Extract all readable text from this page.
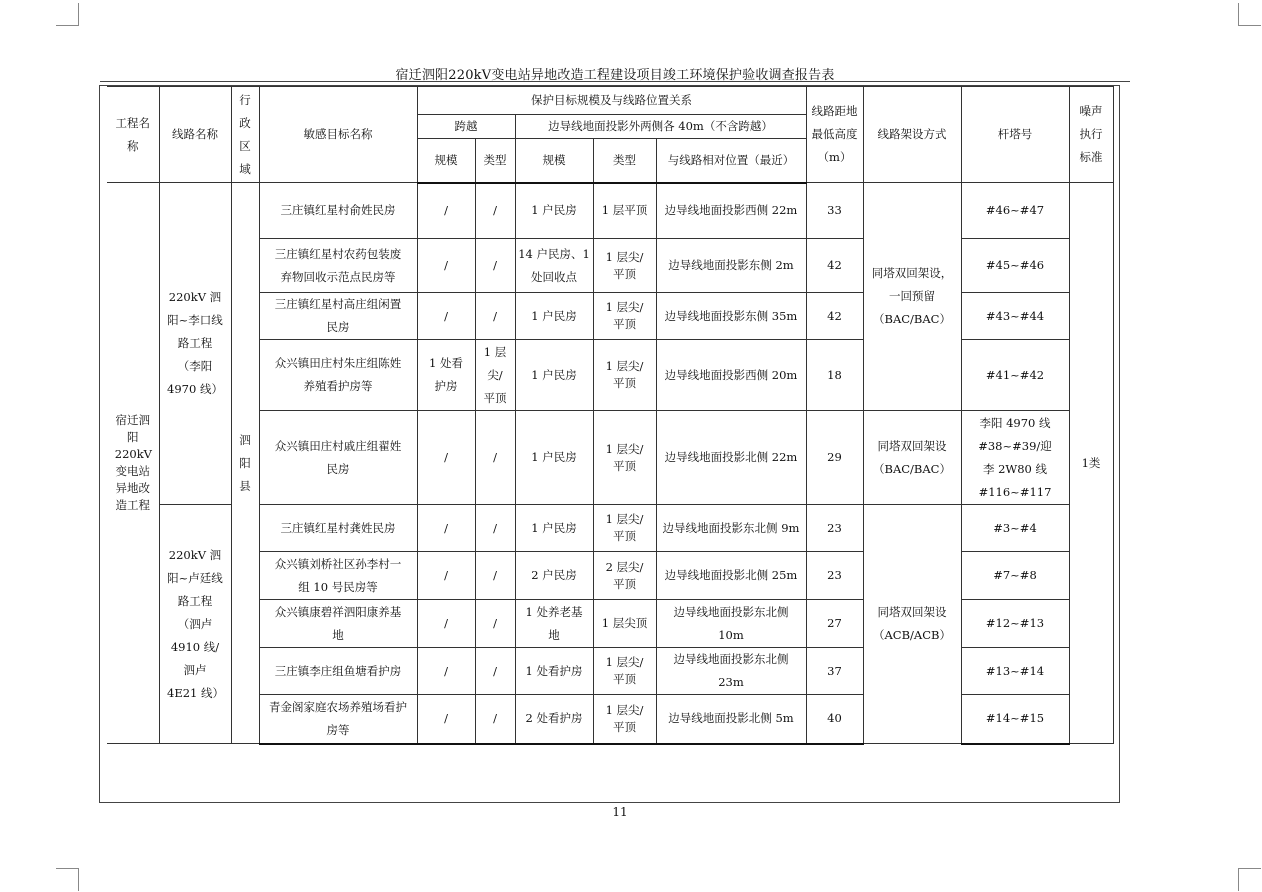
宿迁泗阳220kV变电站异地改造工程建设项目竣工环境保护验收调查报告表
工程名称	线路名称	行政区域	敏感目标名称	保护目标规模及与线路位置关系					线路距地最低高度（m）	线路架设方式	杆塔号	噪声执行标准

				跨越		边导线地面投影外两侧各 40m（不含跨越）						
				规模	类型	规模	类型	与线路相对位置（最近）				

宿迁泗阳220kV变电站异地改造工程	220kV 泗阳~李口线路工程（李阳 4970 线）	泗阳县	三庄镇红星村俞姓民房	/	/	1 户民房	1 层平顶	边导线地面投影西侧 22m	33	同塔双回架设，一回预留（BAC/BAC）	#46~#47	1类

			三庄镇红星村农药包装废弃物回收示范点民房等	/	/	14 户民房、1 处回收点	1 层尖/平顶	边导线地面投影东侧 2m	42		#45~#46	

			三庄镇红星村高庄组闲置民房	/	/	1 户民房	1 层尖/平顶	边导线地面投影东侧 35m	42		#43~#44	

			众兴镇田庄村朱庄组陈姓养殖看护房等	1 处看护房	1 层尖/平顶	1 户民房	1 层尖/平顶	边导线地面投影西侧 20m	18		#41~#42	

			众兴镇田庄村戚庄组翟姓民房	/	/	1 户民房	1 层尖/平顶	边导线地面投影北侧 22m	29	同塔双回架设（BAC/BAC）	李阳 4970 线 #38~#39/迎李 2W80 线 #116~#117	

	220kV 泗阳~卢廷线路工程（泗卢 4910 线/泗卢 4E21 线）		三庄镇红星村龚姓民房	/	/	1 户民房	1 层尖/平顶	边导线地面投影东北侧 9m	23	同塔双回架设（ACB/ACB）	#3~#4	

			众兴镇刘桥社区孙李村一组 10 号民房等	/	/	2 户民房	2 层尖/平顶	边导线地面投影北侧 25m	23		#7~#8	

			众兴镇康碧祥泗阳康养基地	/	/	1 处养老基地	1 层尖顶	边导线地面投影东北侧 10m	27		#12~#13	
			三庄镇李庄组鱼塘看护房	/	/	1 处看护房	1 层尖/平顶	边导线地面投影东北侧 23m	37		#13~#14	

			青金阁家庭农场养殖场看护房等	/	/	2 处看护房	1 层尖/平顶	边导线地面投影北侧 5m	40		#14~#15	
11
